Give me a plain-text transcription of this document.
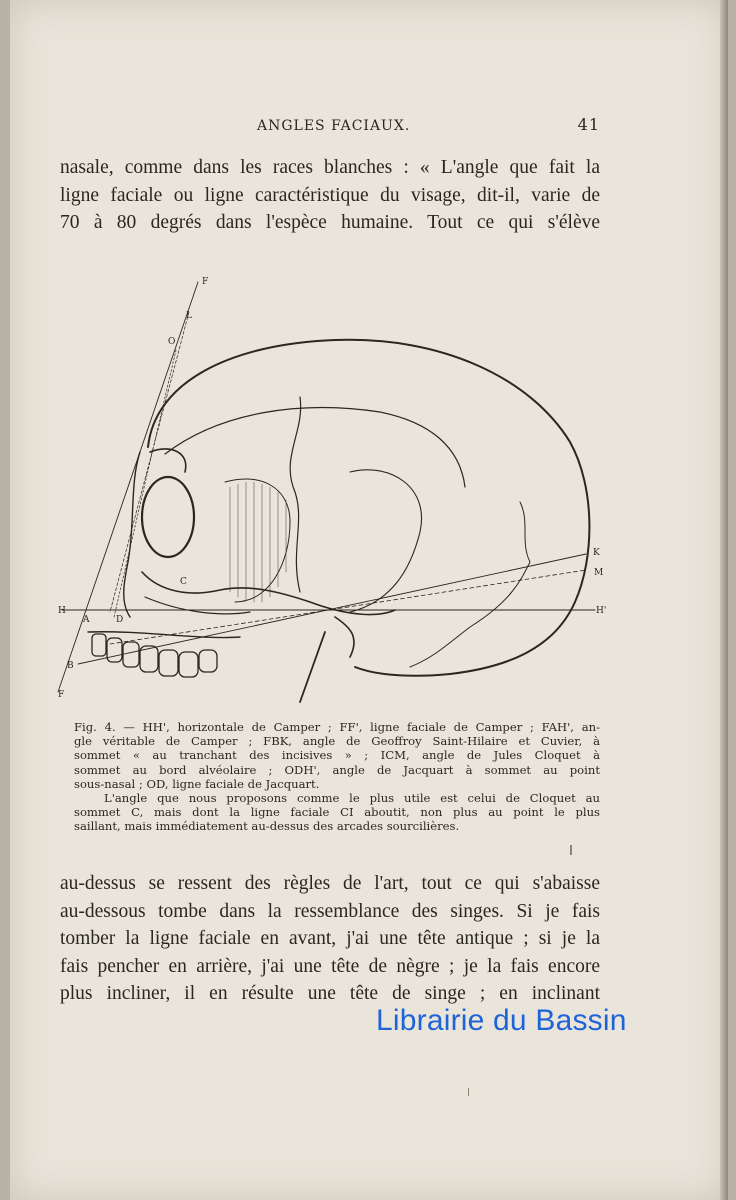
ANGLES FACIAUX.	41
nasale, comme dans les races blanches : « L'angle que fait la
ligne faciale ou ligne caractéristique du visage, dit-il, varie de
70 à 80 degrés dans l'espèce humaine. Tout ce qui s'élève
F
L
O
K
M
H	H'
A	D
B
F
C

Fig. 4. — HH', horizontale de Camper ; FF', ligne faciale de Camper ; FAH', an-
gle véritable de Camper ; FBK, angle de Geoffroy Saint-Hilaire et Cuvier, à
sommet « au tranchant des incisives » ; ICM, angle de Jules Cloquet à
sommet au bord alvéolaire ; ODH', angle de Jacquart à sommet au point
sous-nasal ; OD, ligne faciale de Jacquart.

L'angle que nous proposons comme le plus utile est celui de Cloquet au
sommet C, mais dont la ligne faciale CI aboutit, non plus au point le plus
saillant, mais immédiatement au-dessus des arcades sourcilières.

au-dessus se ressent des règles de l'art, tout ce qui s'abaisse
au-dessous tombe dans la ressemblance des singes. Si je fais
tomber la ligne faciale en avant, j'ai une tête antique ; si je la
fais pencher en arrière, j'ai une tête de nègre ; je la fais encore
plus incliner, il en résulte une tête de singe ; en inclinant
Librairie du Bassin
